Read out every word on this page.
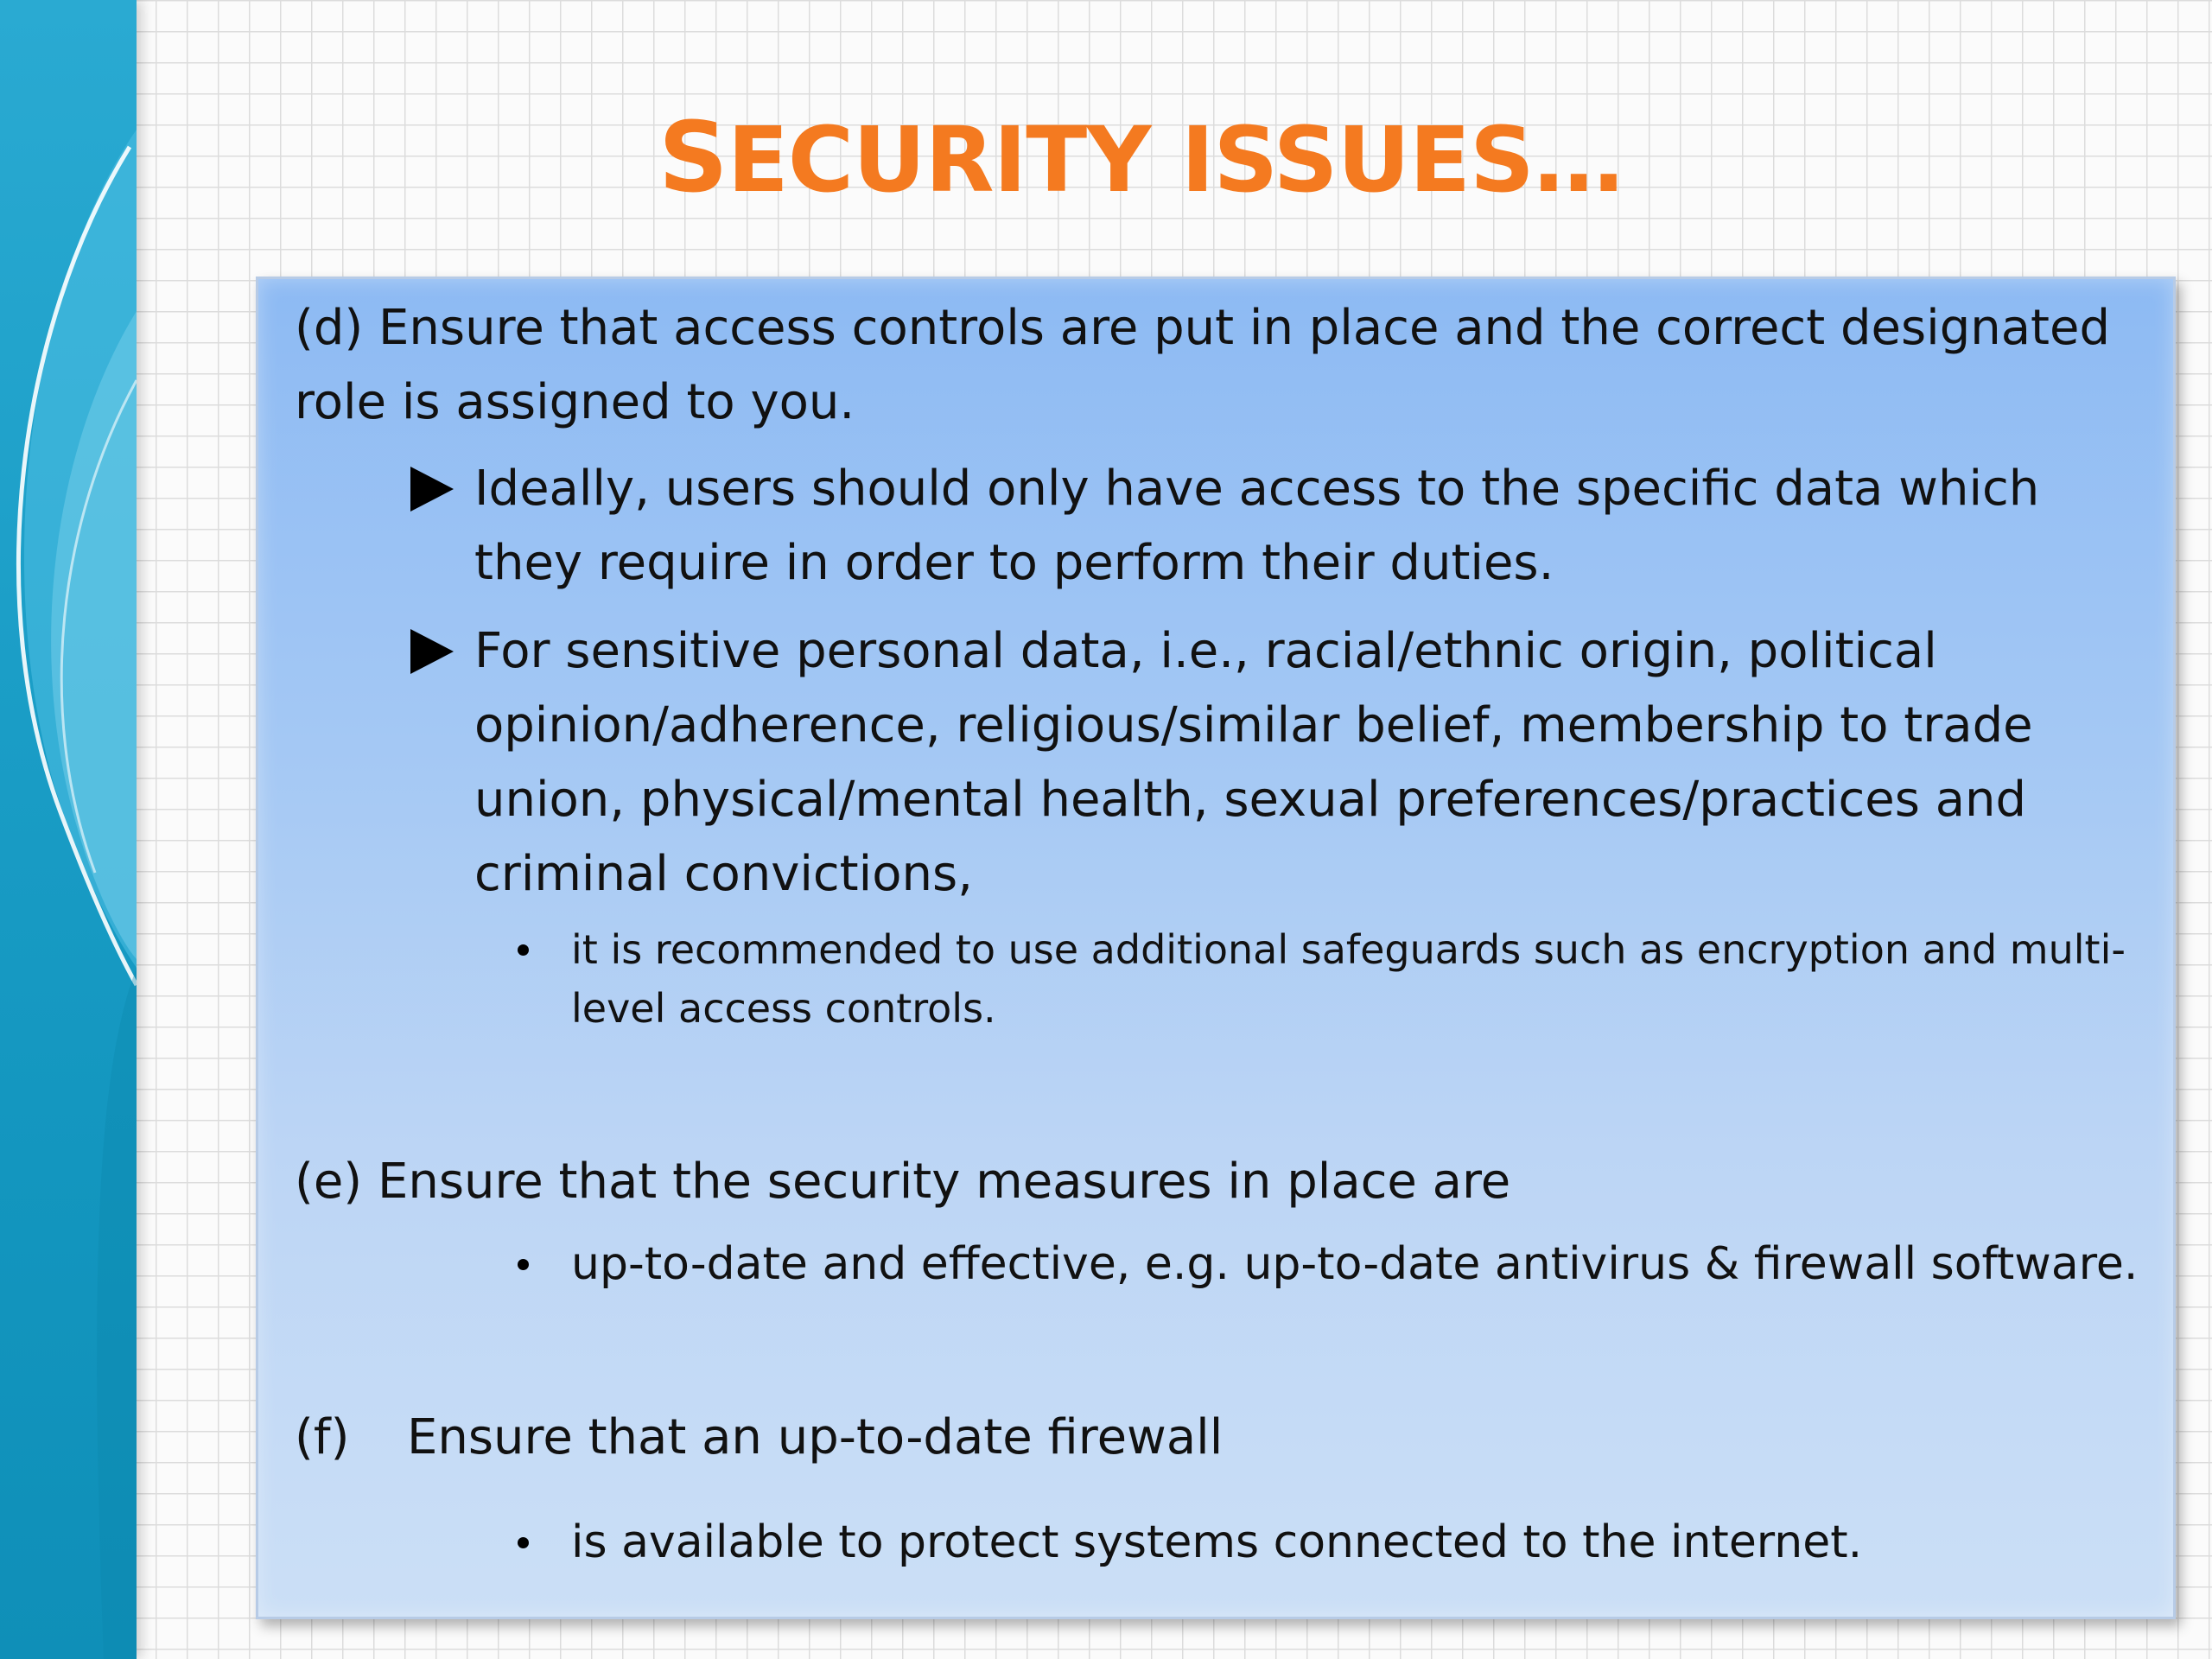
SECURITY ISSUES…
(d) Ensure that access controls are put in place and the correct designated
role is assigned to you.
Ideally, users should only have access to the specific data which
they require in order to perform their duties.
For sensitive personal data, i.e., racial/ethnic origin, political
opinion/adherence, religious/similar belief, membership to trade
union, physical/mental health, sexual preferences/practices and
criminal convictions,
it is recommended to use additional safeguards such as encryption and multi-
level access controls.
(e) Ensure that the security measures in place are
up-to-date and effective, e.g. up-to-date antivirus & firewall software.
(f) Ensure that an up-to-date firewall
is available to protect systems connected to the internet.
